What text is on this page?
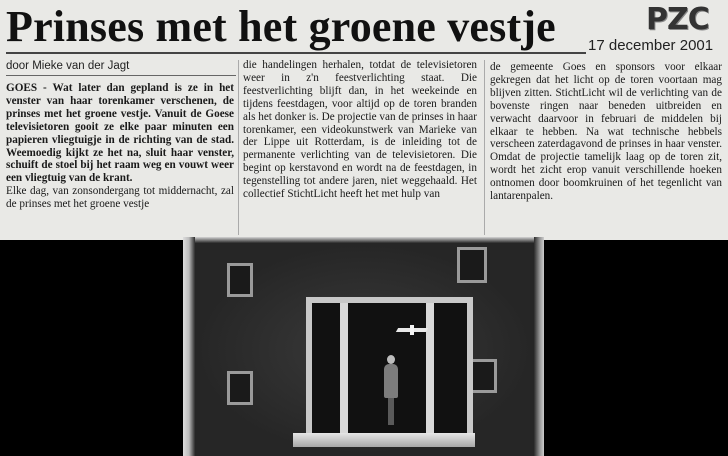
Prinses met het groene vestje	PZC
17 december 2001
door Mieke van der Jagt

GOES - Wat later dan gepland is ze in het venster van haar torenkamer verschenen, de prinses met het groene vestje. Vanuit de Goese televisietoren gooit ze elke paar minuten een papieren vliegtuigje in de richting van de stad. Weemoedig kijkt ze het na, sluit haar venster, schuift de stoel bij het raam weg en vouwt weer een vliegtuig van de krant.

Elke dag, van zonsondergang tot middernacht, zal de prinses met het groene vestje

die handelingen herhalen, totdat de televisietoren weer in z'n feestverlichting staat. Die feestverlichting blijft dan, in het weekeinde en tijdens feestdagen, voor altijd op de toren branden als het donker is. De projectie van de prinses in haar torenkamer, een videokunstwerk van Marieke van der Lippe uit Rotterdam, is de inleiding tot de permanente verlichting van de televisietoren. Die begint op kerstavond en wordt na de feestdagen, in tegenstelling tot andere jaren, niet weggehaald. Het collectief StichtLicht heeft het met hulp van

de gemeente Goes en sponsors voor elkaar gekregen dat het licht op de toren voortaan mag blijven zitten. StichtLicht wil de verlichting van de bovenste ringen naar beneden uitbreiden en verwacht daarvoor in februari de middelen bij elkaar te hebben. Na wat technische hebbels verscheen zaterdagavond de prinses in haar venster. Omdat de projectie tamelijk laag op de toren zit, wordt het zicht erop vanuit verschillende hoeken ontnomen door boomkruinen of het tegenlicht van lantarenpalen.
